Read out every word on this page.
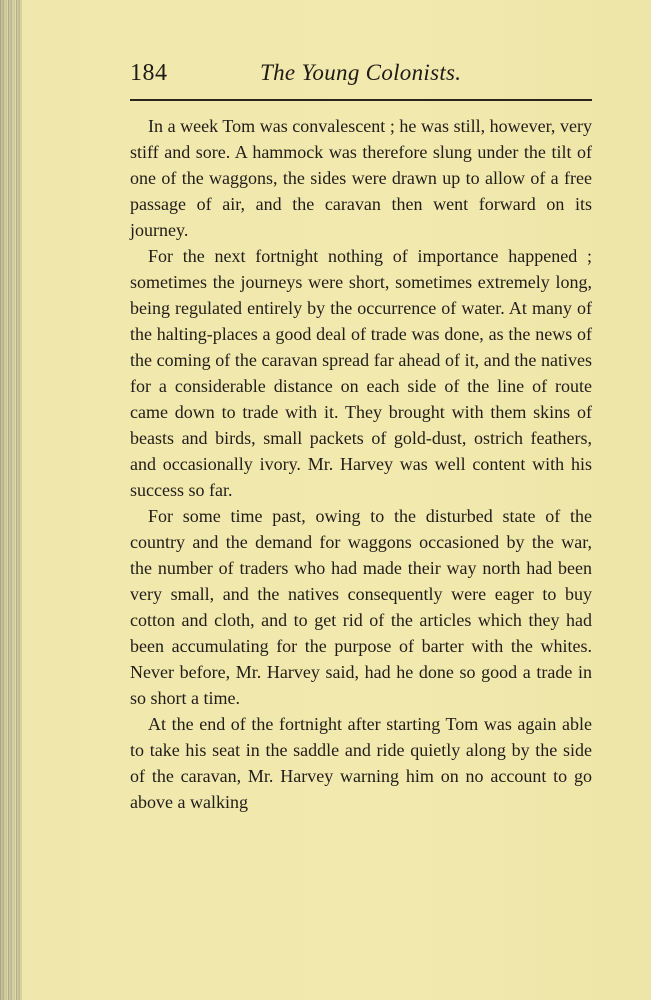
184	The Young Colonists.

In a week Tom was convalescent ; he was still, however, very stiff and sore. A hammock was therefore slung under the tilt of one of the waggons, the sides were drawn up to allow of a free passage of air, and the caravan then went forward on its journey.

For the next fortnight nothing of importance happened ; sometimes the journeys were short, sometimes extremely long, being regulated entirely by the occurrence of water. At many of the halting-places a good deal of trade was done, as the news of the coming of the caravan spread far ahead of it, and the natives for a considerable distance on each side of the line of route came down to trade with it. They brought with them skins of beasts and birds, small packets of gold-dust, ostrich feathers, and occasionally ivory. Mr. Harvey was well content with his success so far.

For some time past, owing to the disturbed state of the country and the demand for waggons occasioned by the war, the number of traders who had made their way north had been very small, and the natives consequently were eager to buy cotton and cloth, and to get rid of the articles which they had been accumulating for the purpose of barter with the whites. Never before, Mr. Harvey said, had he done so good a trade in so short a time.

At the end of the fortnight after starting Tom was again able to take his seat in the saddle and ride quietly along by the side of the caravan, Mr. Harvey warning him on no account to go above a walking
